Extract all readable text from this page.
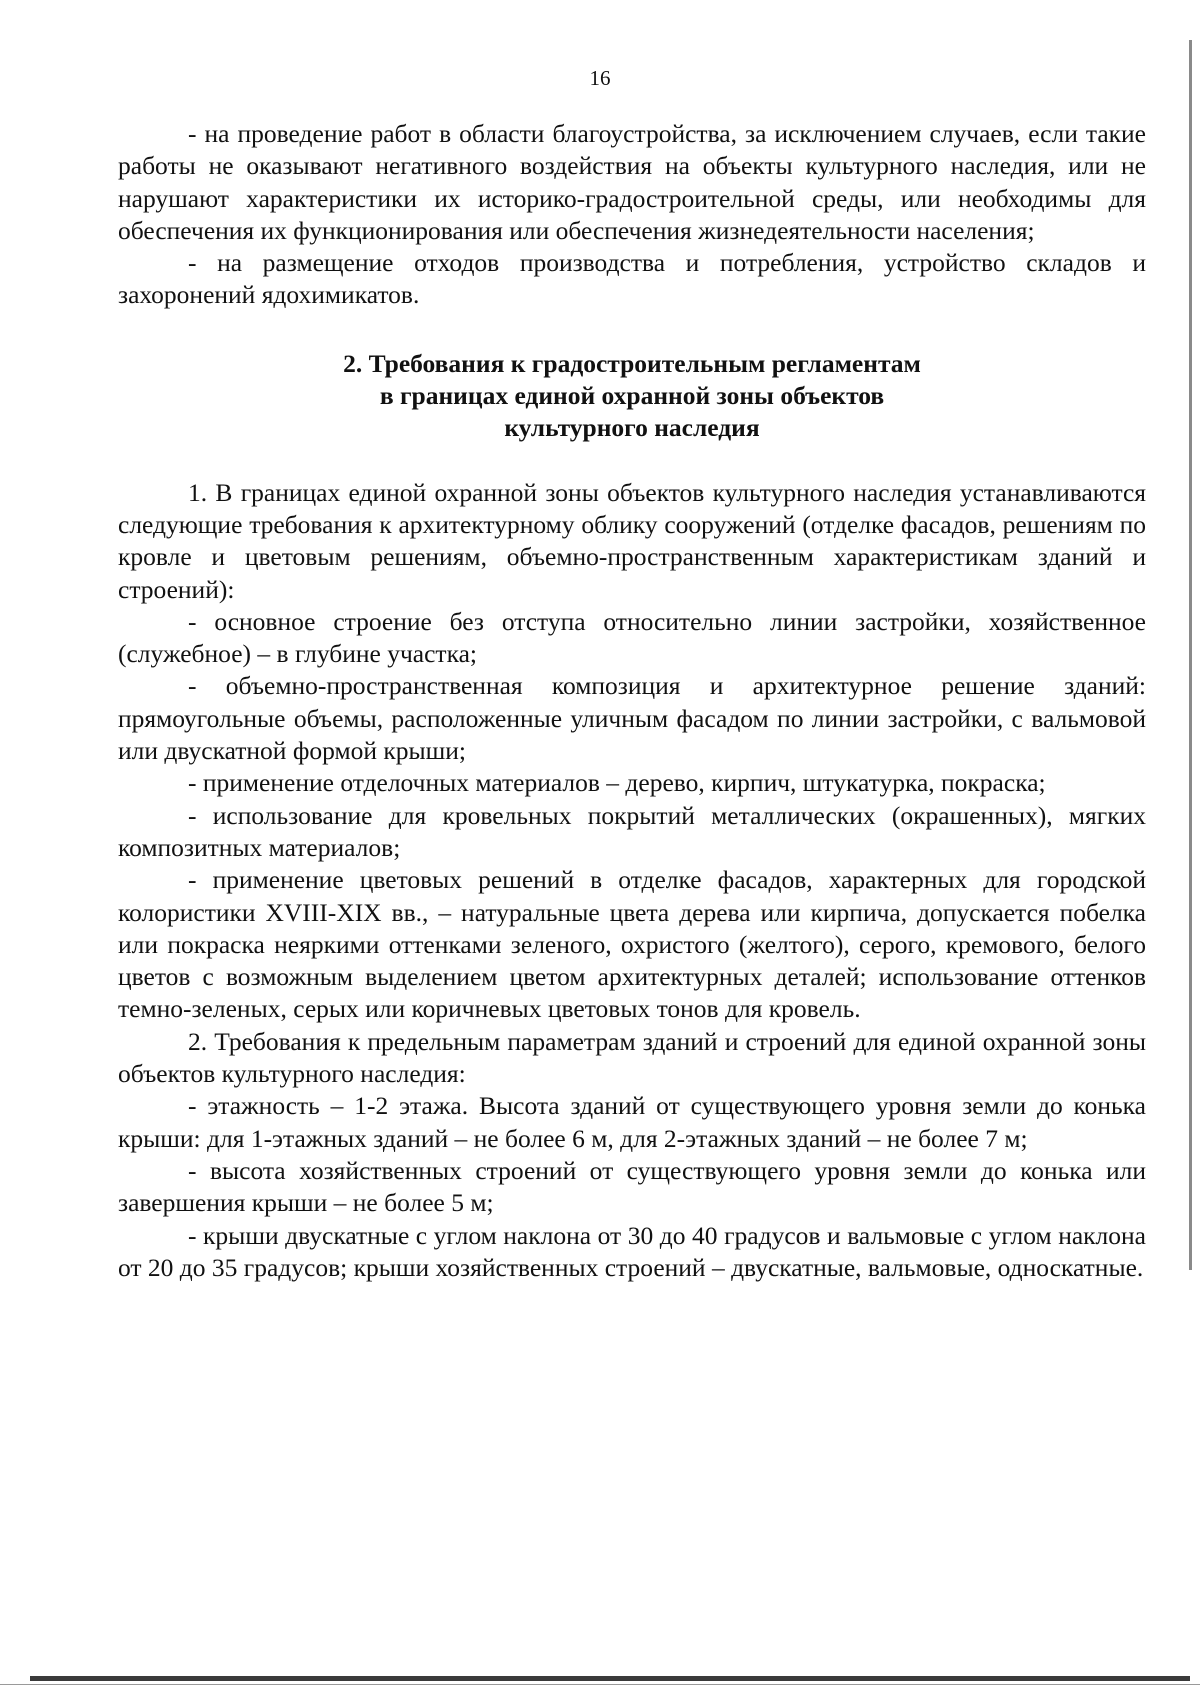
16

- на проведение работ в области благоустройства, за исключением случаев, если такие работы не оказывают негативного воздействия на объекты культурного наследия, или не нарушают характеристики их историко-градостроительной среды, или необходимы для обеспечения их функционирования или обеспечения жизнедеятельности населения;

- на размещение отходов производства и потребления, устройство складов и захоронений ядохимикатов.

2. Требования к градостроительным регламентам
в границах единой охранной зоны объектов
культурного наследия

1. В границах единой охранной зоны объектов культурного наследия устанавливаются следующие требования к архитектурному облику сооружений (отделке фасадов, решениям по кровле и цветовым решениям, объемно-пространственным характеристикам зданий и строений):

- основное строение без отступа относительно линии застройки, хозяйственное (служебное) – в глубине участка;

- объемно-пространственная композиция и архитектурное решение зданий: прямоугольные объемы, расположенные уличным фасадом по линии застройки, с вальмовой или двускатной формой крыши;

- применение отделочных материалов – дерево, кирпич, штукатурка, покраска;

- использование для кровельных покрытий металлических (окрашенных), мягких композитных материалов;

- применение цветовых решений в отделке фасадов, характерных для городской колористики XVIII-XIX вв., – натуральные цвета дерева или кирпича, допускается побелка или покраска неяркими оттенками зеленого, охристого (желтого), серого, кремового, белого цветов с возможным выделением цветом архитектурных деталей; использование оттенков темно-зеленых, серых или коричневых цветовых тонов для кровель.

2. Требования к предельным параметрам зданий и строений для единой охранной зоны объектов культурного наследия:

- этажность – 1-2 этажа. Высота зданий от существующего уровня земли до конька крыши: для 1-этажных зданий – не более 6 м, для 2-этажных зданий – не более 7 м;

- высота хозяйственных строений от существующего уровня земли до конька или завершения крыши – не более 5 м;

- крыши двускатные с углом наклона от 30 до 40 градусов и вальмовые с углом наклона от 20 до 35 градусов; крыши хозяйственных строений – двускатные, вальмовые, односкатные.
